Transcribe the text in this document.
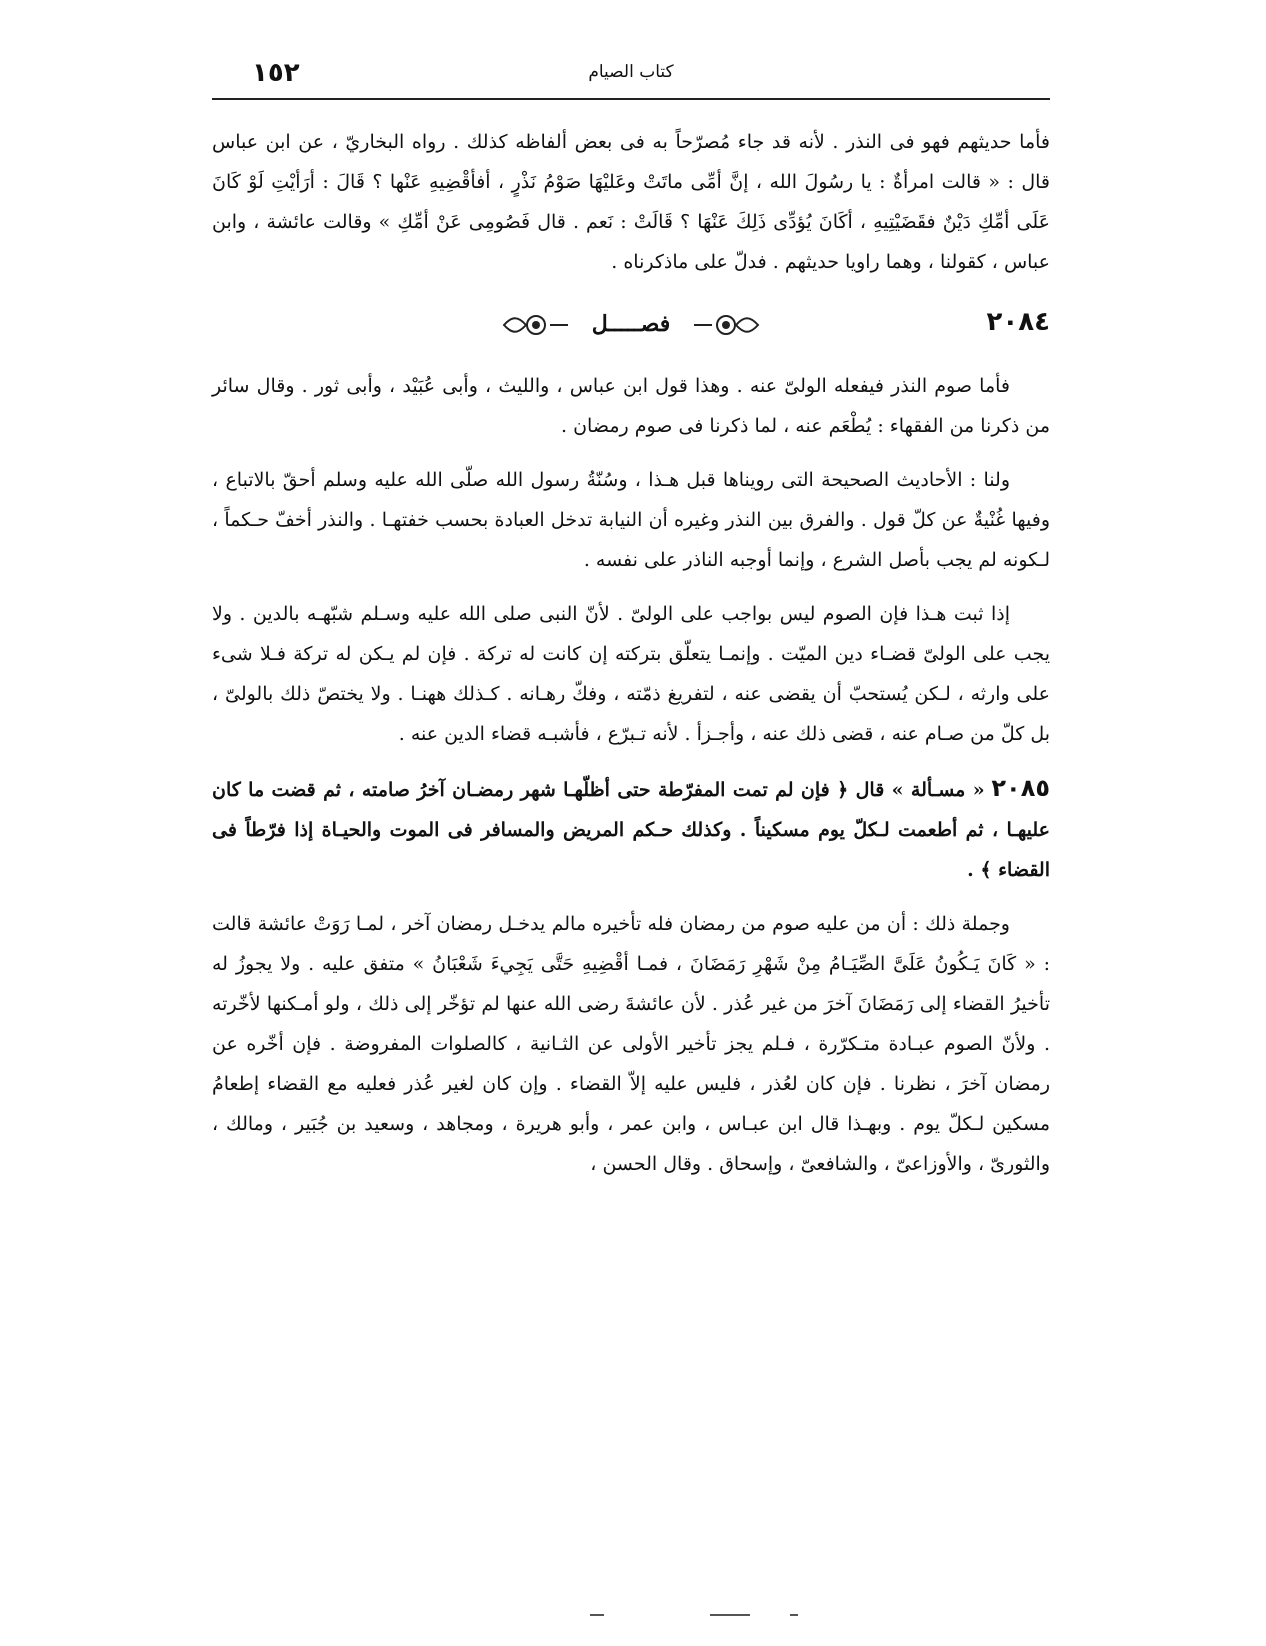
١٥٢	كتاب الصيام

فأما حديثهم فهو فى النذر . لأنه قد جاء مُصرّحاً به فى بعض ألفاظه كذلك . رواه البخاريّ ، عن ابن عباس قال : « قالت امرأةٌ : يا رسُولَ الله ، إنَّ أمِّى ماتَتْ وعَليْهَا صَوْمُ نَذْرٍ ، أفأقْضِيهِ عَنْها ؟ قَالَ : أرَأيْتِ لَوْ كَانَ عَلَى أمِّكِ دَيْنٌ فقَضَيْتِيهِ ، أكَانَ يُؤدِّى ذَلِكَ عَنْهَا ؟ قَالَتْ : نَعم . قال فَصُومِى عَنْ أمِّكِ » وقالت عائشة ، وابن عباس ، كقولنا ، وهما راويا حديثهم . فدلّ على ماذكرناه .

٢٠٨٤
فصـــــل

فأما صوم النذر فيفعله الولىّ عنه . وهذا قول ابن عباس ، والليث ، وأبى عُبَيْد ، وأبى ثور . وقال سائر من ذكرنا من الفقهاء : يُطْعَم عنه ، لما ذكرنا فى صوم رمضان .

ولنا : الأحاديث الصحيحة التى رويناها قبل هـذا ، وسُنّةُ رسول الله صلّى الله عليه وسلم أحقّ بالاتباع ، وفيها غُنْيةٌ عن كلّ قول . والفرق بين النذر وغيره أن النيابة تدخل العبادة بحسب خفتهـا . والنذر أخفّ حـكماً ، لـكونه لم يجب بأصل الشرع ، وإنما أوجبه الناذر على نفسه .

إذا ثبت هـذا فإن الصوم ليس بواجب على الولىّ . لأنّ النبى صلى الله عليه وسـلم شبّهـه بالدين . ولا يجب على الولىّ قضـاء دين الميّت . وإنمـا يتعلّق بتركته إن كانت له تركة . فإن لم يـكن له تركة فـلا شىء على وارثه ، لـكن يُستحبّ أن يقضى عنه ، لتفريغ ذمّته ، وفكّ رهـانه . كـذلك ههنـا . ولا يختصّ ذلك بالولىّ ، بل كلّ من صـام عنه ، قضى ذلك عنه ، وأجـزأ . لأنه تـبرّع ، فأشبـه قضاء الدين عنه .

٢٠٨٥ « مسـألة » قال ﴿ فإن لم تمت المفرّطة حتى أظلّهـا شهر رمضـان آخرُ صامته ، ثم قضت ما كان عليهـا ، ثم أطعمت لـكلّ يوم مسكيناً . وكذلك حـكم المريض والمسافر فى الموت والحيـاة إذا فرّطاً فى القضاء ﴾ .

وجملة ذلك : أن من عليه صوم من رمضان فله تأخيره مالم يدخـل رمضان آخر ، لمـا رَوَتْ عائشة قالت : « كَانَ يَـكُونُ عَلَىَّ الصِّيَـامُ مِنْ شَهْرِ رَمَضَانَ ، فمـا أقْضِيهِ حَتَّى يَجِيءَ شَعْبَانُ » متفق عليه . ولا يجوزُ له تأخيرُ القضاء إلى رَمَضَانَ آخرَ من غير عُذر . لأن عائشةَ رضى الله عنها لم تؤخّر إلى ذلك ، ولو أمـكنها لأخّرته . ولأنّ الصوم عبـادة متـكرّرة ، فـلم يجز تأخير الأولى عن الثـانية ، كالصلوات المفروضة . فإن أخّره عن رمضان آخرَ ، نظرنا . فإن كان لعُذر ، فليس عليه إلاّ القضاء . وإن كان لغير عُذر فعليه مع القضاء إطعامُ مسكين لـكلّ يوم . وبهـذا قال ابن عبـاس ، وابن عمر ، وأبو هريرة ، ومجاهد ، وسعيد بن جُبَير ، ومالك ، والثورىّ ، والأوزاعىّ ، والشافعىّ ، وإسحاق . وقال الحسن ،
